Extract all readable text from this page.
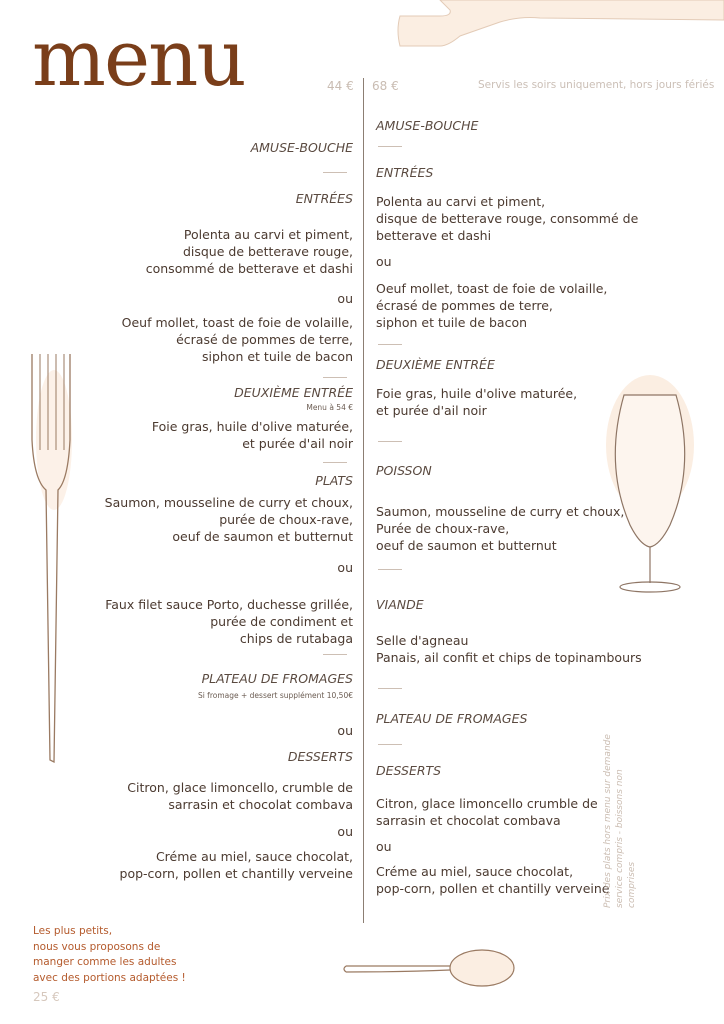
menu	44 € 68 €	Servis les soirs uniquement, hors jours fériés
AMUSE-BOUCHE
ENTRÉES
Polenta au carvi et piment,
disque de betterave rouge,
consommé de betterave et dashi
ou
Oeuf mollet, toast de foie de volaille,
écrasé de pommes de terre,
siphon et tuile de bacon
DEUXIÈME ENTRÉE
Menu à 54 €
Foie gras, huile d'olive maturée,
et purée d'ail noir
PLATS
Saumon, mousseline de curry et choux,
purée de choux-rave,
oeuf de saumon et butternut
ou
Faux filet sauce Porto, duchesse grillée,
purée de condiment et
chips de rutabaga
PLATEAU DE FROMAGES
Si fromage + dessert supplément 10,50€
ou
DESSERTS
Citron, glace limoncello, crumble de
sarrasin et chocolat combava
ou
Créme au miel, sauce chocolat,
pop-corn, pollen et chantilly verveine
AMUSE-BOUCHE
ENTRÉES
Polenta au carvi et piment,
disque de betterave rouge, consommé de
betterave et dashi
ou
Oeuf mollet, toast de foie de volaille,
écrasé de pommes de terre,
siphon et tuile de bacon
DEUXIÈME ENTRÉE
Foie gras, huile d'olive maturée,
et purée d'ail noir
POISSON
Saumon, mousseline de curry et choux,
Purée de choux-rave,
oeuf de saumon et butternut
VIANDE
Selle d'agneau
Panais, ail confit et chips de topinambours
PLATEAU DE FROMAGES
DESSERTS
Citron, glace limoncello crumble de
sarrasin et chocolat combava
ou
Créme au miel, sauce chocolat,
pop-corn, pollen et chantilly verveine
Les plus petits,
nous vous proposons de
manger comme les adultes
avec des portions adaptées !
25 €
Prix des plats hors menu sur demande
service compris - boissons non comprises
